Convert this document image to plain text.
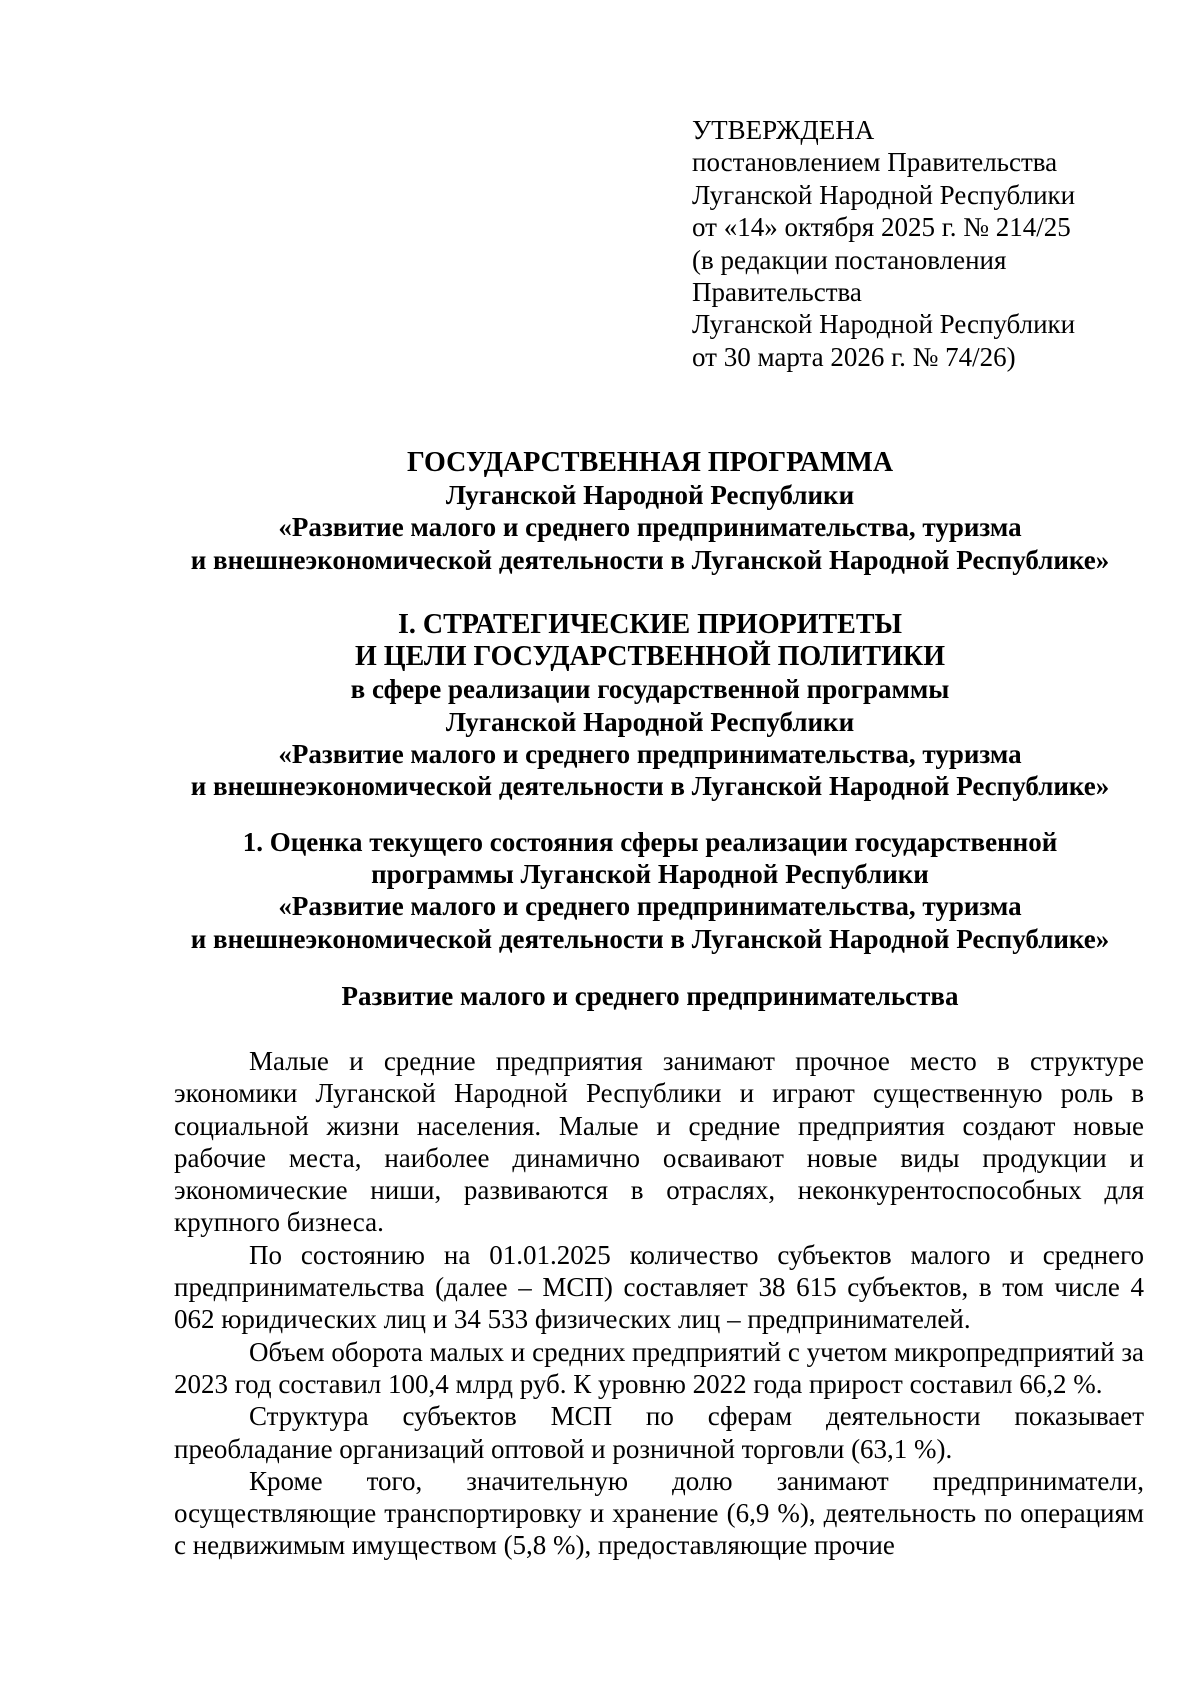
УТВЕРЖДЕНА
постановлением Правительства
Луганской Народной Республики
от «14» октября 2025 г. № 214/25
(в редакции постановления
Правительства
Луганской Народной Республики
от 30 марта 2026 г. № 74/26)
ГОСУДАРСТВЕННАЯ ПРОГРАММА
Луганской Народной Республики
«Развитие малого и среднего предпринимательства, туризма
и внешнеэкономической деятельности в Луганской Народной Республике»
I. СТРАТЕГИЧЕСКИЕ ПРИОРИТЕТЫ
И ЦЕЛИ ГОСУДАРСТВЕННОЙ ПОЛИТИКИ
в сфере реализации государственной программы
Луганской Народной Республики
«Развитие малого и среднего предпринимательства, туризма
и внешнеэкономической деятельности в Луганской Народной Республике»
1. Оценка текущего состояния сферы реализации государственной
программы Луганской Народной Республики
«Развитие малого и среднего предпринимательства, туризма
и внешнеэкономической деятельности в Луганской Народной Республике»
Развитие малого и среднего предпринимательства

Малые и средние предприятия занимают прочное место в структуре экономики Луганской Народной Республики и играют существенную роль в социальной жизни населения. Малые и средние предприятия создают новые рабочие места, наиболее динамично осваивают новые виды продукции и экономические ниши, развиваются в отраслях, неконкурентоспособных для крупного бизнеса.

По состоянию на 01.01.2025 количество субъектов малого и среднего предпринимательства (далее – МСП) составляет 38 615 субъектов, в том числе 4 062 юридических лиц и 34 533 физических лиц – предпринимателей.

Объем оборота малых и средних предприятий с учетом микропредприятий за 2023 год составил 100,4 млрд руб. К уровню 2022 года прирост составил 66,2 %.

Структура субъектов МСП по сферам деятельности показывает преобладание организаций оптовой и розничной торговли (63,1 %).

Кроме того, значительную долю занимают предприниматели, осуществляющие транспортировку и хранение (6,9 %), деятельность по операциям с недвижимым имуществом (5,8 %), предоставляющие прочие
